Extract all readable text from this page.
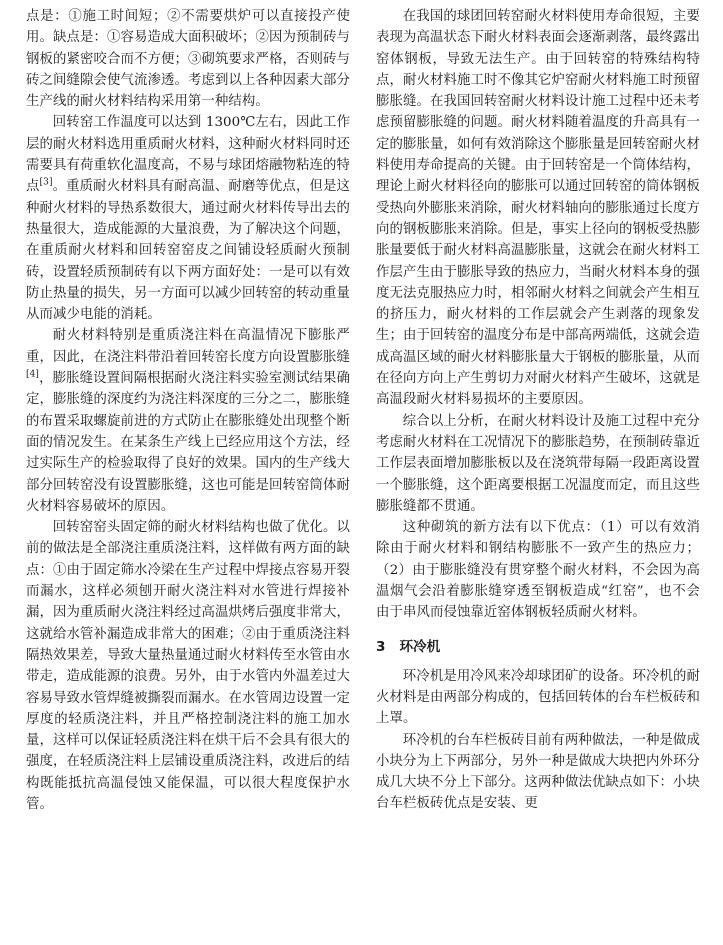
点是：①施工时间短；②不需要烘炉可以直接投产使用。缺点是：①容易造成大面积破坏；②因为预制砖与钢板的紧密咬合而不方便；③砌筑要求严格，否则砖与砖之间缝隙会使气流渗透。考虑到以上各种因素大部分生产线的耐火材料结构采用第一种结构。

回转窑工作温度可以达到 1300℃左右，因此工作层的耐火材料选用重质耐火材料，这种耐火材料同时还需要具有荷重软化温度高，不易与球团熔融物粘连的特点[3]。重质耐火材料具有耐高温、耐磨等优点，但是这种耐火材料的导热系数很大，通过耐火材料传导出去的热量很大，造成能源的大量浪费，为了解决这个问题，在重质耐火材料和回转窑窑皮之间铺设轻质耐火预制砖，设置轻质预制砖有以下两方面好处：一是可以有效防止热量的损失，另一方面可以减少回转窑的转动重量从而减少电能的消耗。

耐火材料特别是重质浇注料在高温情况下膨胀严重，因此，在浇注料带沿着回转窑长度方向设置膨胀缝[4]，膨胀缝设置间隔根据耐火浇注料实验室测试结果确定，膨胀缝的深度约为浇注料深度的三分之二，膨胀缝的布置采取螺旋前进的方式防止在膨胀缝处出现整个断面的情况发生。在某条生产线上已经应用这个方法，经过实际生产的检验取得了良好的效果。国内的生产线大部分回转窑没有设置膨胀缝，这也可能是回转窑筒体耐火材料容易破坏的原因。

回转窑窑头固定筛的耐火材料结构也做了优化。以前的做法是全部浇注重质浇注料，这样做有两方面的缺点：①由于固定筛水冷梁在生产过程中焊接点容易开裂而漏水，这样必须刨开耐火浇注料对水管进行焊接补漏，因为重质耐火浇注料经过高温烘烤后强度非常大，这就给水管补漏造成非常大的困难；②由于重质浇注料隔热效果差，导致大量热量通过耐火材料传至水管由水带走，造成能源的浪费。另外，由于水管内外温差过大容易导致水管焊缝被撕裂而漏水。在水管周边设置一定厚度的轻质浇注料，并且严格控制浇注料的施工加水量，这样可以保证轻质浇注料在烘干后不会具有很大的强度，在轻质浇注料上层铺设重质浇注料，改进后的结构既能抵抗高温侵蚀又能保温，可以很大程度保护水管。

在我国的球团回转窑耐火材料使用寿命很短，主要表现为高温状态下耐火材料表面会逐渐剥落，最终露出窑体钢板，导致无法生产。由于回转窑的特殊结构特点，耐火材料施工时不像其它炉窑耐火材料施工时预留膨胀缝。在我国回转窑耐火材料设计施工过程中还未考虑预留膨胀缝的问题。耐火材料随着温度的升高具有一定的膨胀量，如何有效消除这个膨胀量是回转窑耐火材料使用寿命提高的关键。由于回转窑是一个筒体结构，理论上耐火材料径向的膨胀可以通过回转窑的筒体钢板受热向外膨胀来消除，耐火材料轴向的膨胀通过长度方向的钢板膨胀来消除。但是，事实上径向的钢板受热膨胀量要低于耐火材料高温膨胀量，这就会在耐火材料工作层产生由于膨胀导致的热应力，当耐火材料本身的强度无法克服热应力时，相邻耐火材料之间就会产生相互的挤压力，耐火材料的工作层就会产生剥落的现象发生；由于回转窑的温度分布是中部高两端低，这就会造成高温区域的耐火材料膨胀量大于钢板的膨胀量，从而在径向方向上产生剪切力对耐火材料产生破坏，这就是高温段耐火材料易损坏的主要原因。

综合以上分析，在耐火材料设计及施工过程中充分考虑耐火材料在工况情况下的膨胀趋势，在预制砖靠近工作层表面增加膨胀板以及在浇筑带每隔一段距离设置一个膨胀缝，这个距离要根据工况温度而定，而且这些膨胀缝都不贯通。

这种砌筑的新方法有以下优点：（1）可以有效消除由于耐火材料和钢结构膨胀不一致产生的热应力；（2）由于膨胀缝没有贯穿整个耐火材料，不会因为高温烟气会沿着膨胀缝穿透至钢板造成“红窑”，也不会由于串风而侵蚀靠近窑体钢板轻质耐火材料。

3 环冷机

环冷机是用冷风来冷却球团矿的设备。环冷机的耐火材料是由两部分构成的，包括回转体的台车栏板砖和上罩。

环冷机的台车栏板砖目前有两种做法，一种是做成小块分为上下两部分，另外一种是做成大块把内外环分成几大块不分上下部分。这两种做法优缺点如下：小块台车栏板砖优点是安装、更
